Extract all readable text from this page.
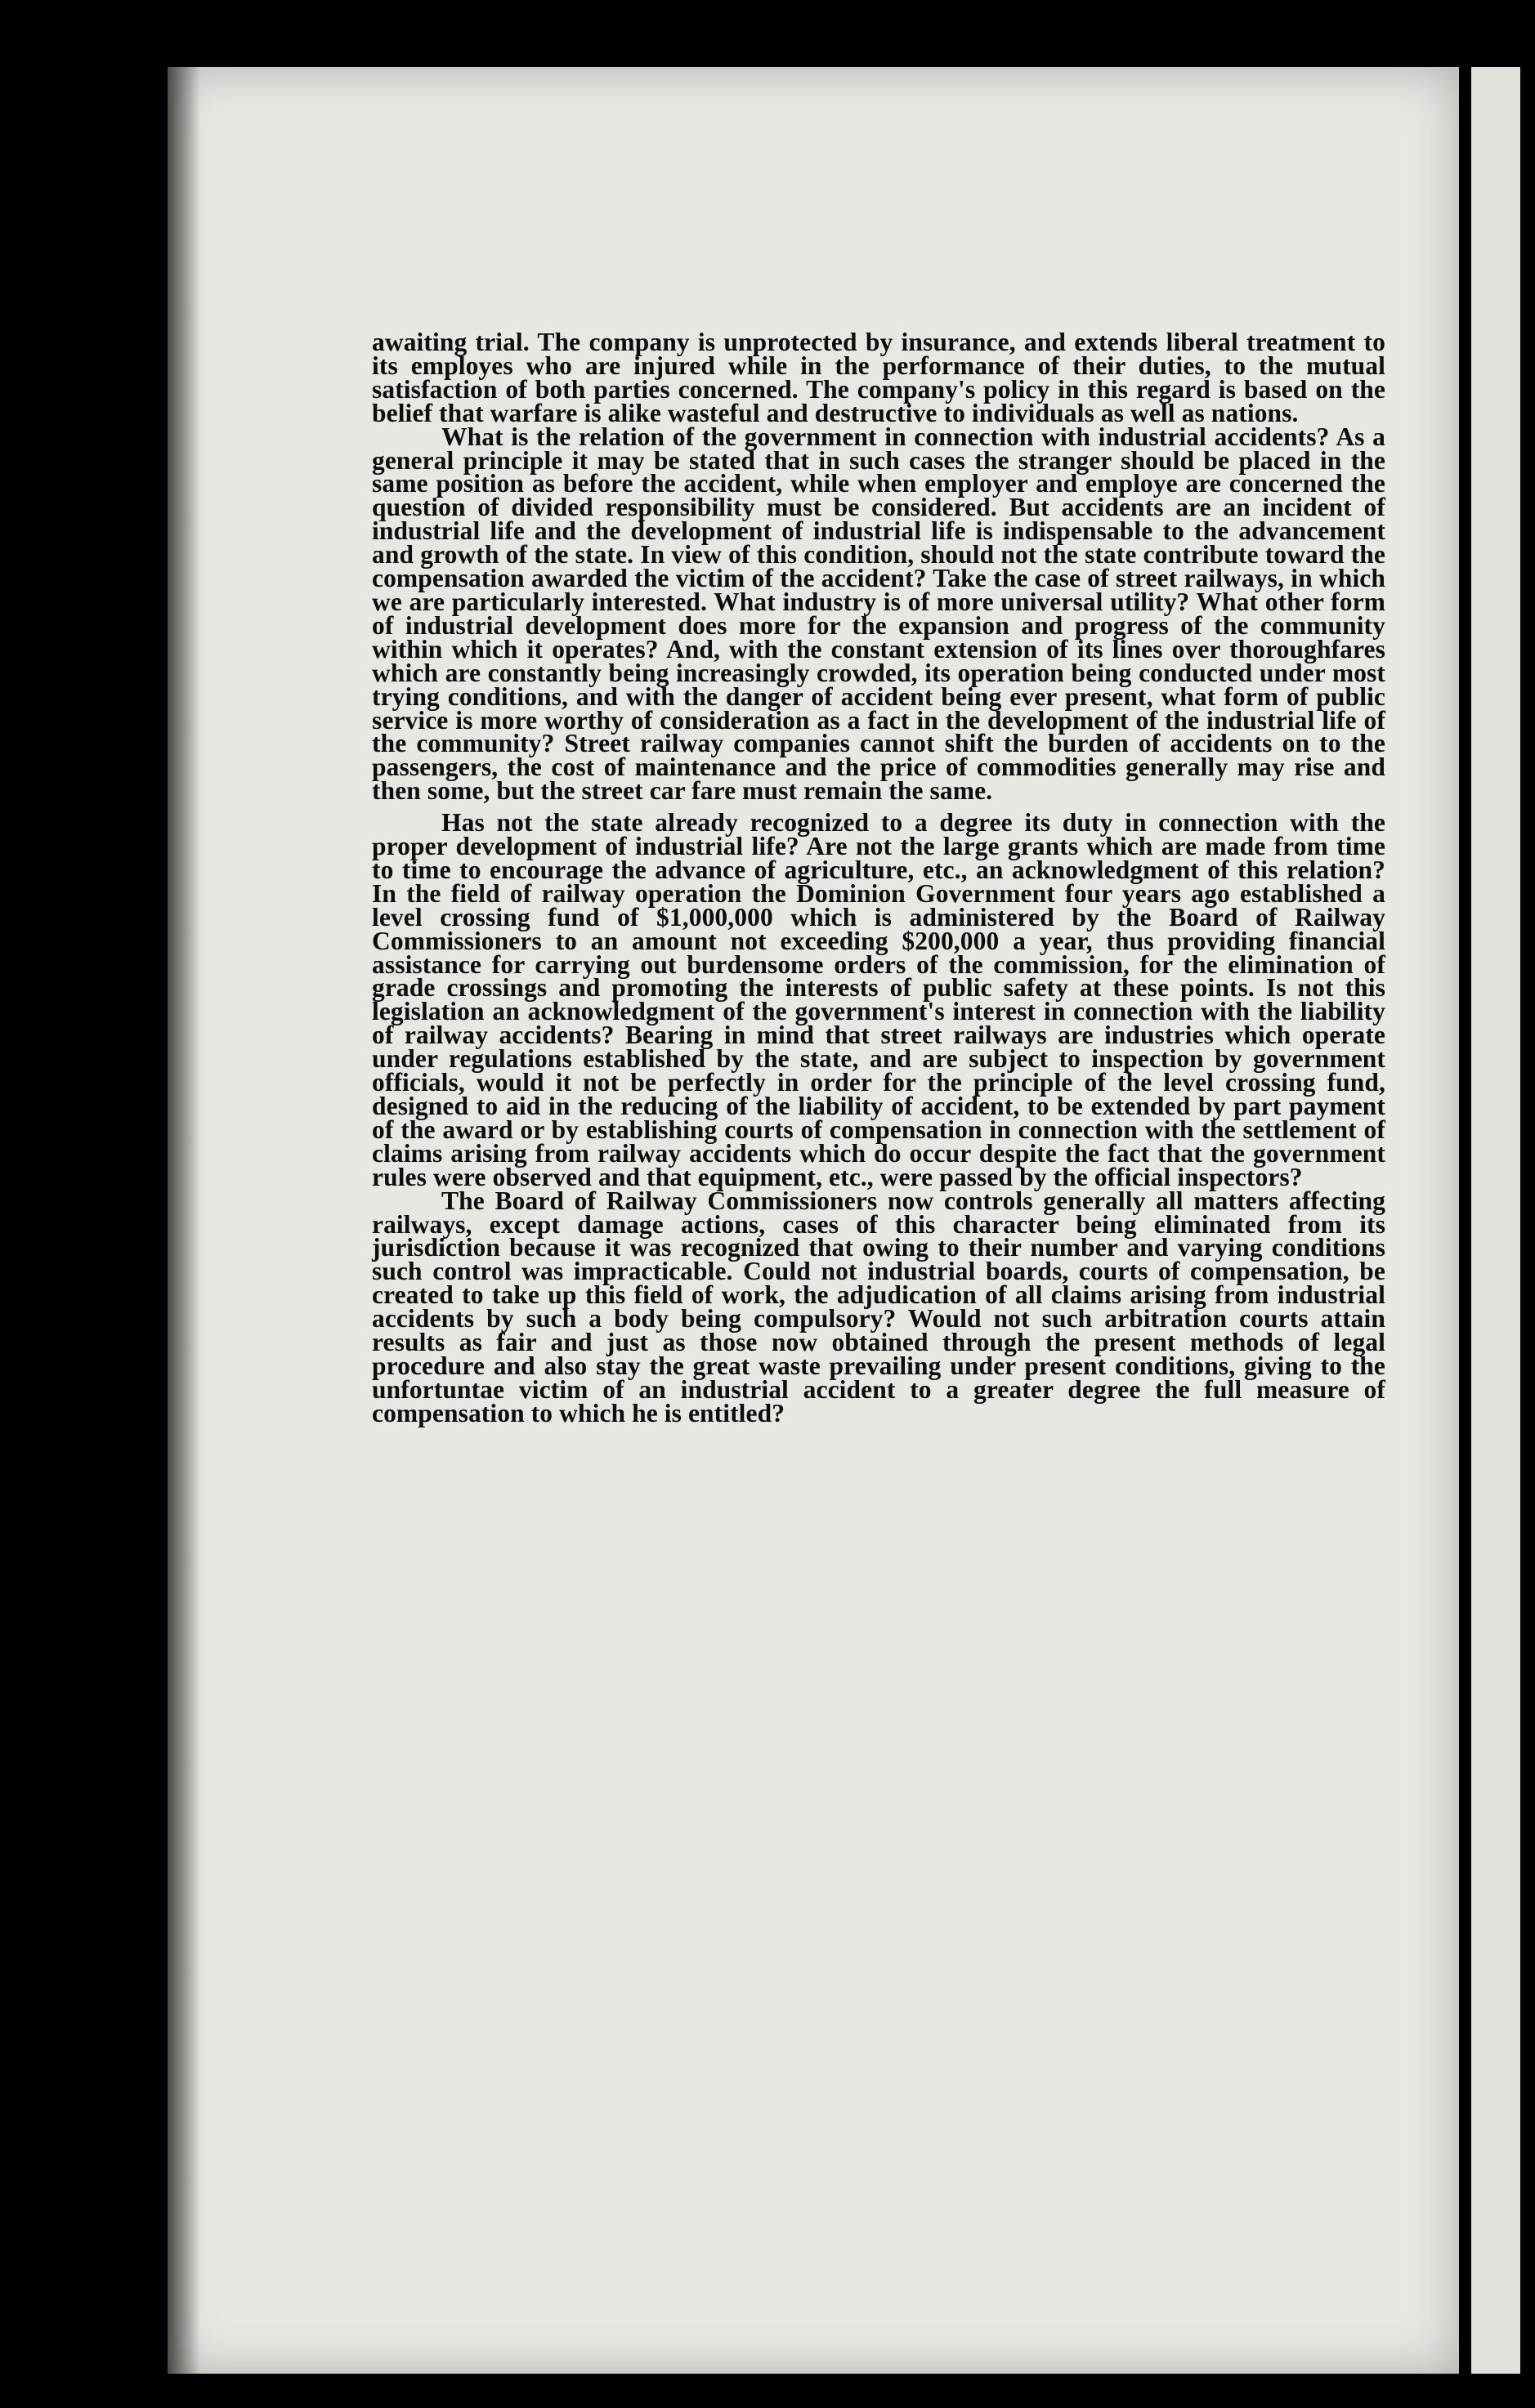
awaiting trial. The company is unprotected by insurance, and extends liberal treatment to its employes who are injured while in the performance of their duties, to the mutual satisfaction of both parties concerned. The company's policy in this regard is based on the belief that warfare is alike wasteful and destructive to individuals as well as nations.

What is the relation of the government in connection with industrial accidents? As a general principle it may be stated that in such cases the stranger should be placed in the same position as before the accident, while when employer and employe are concerned the question of divided responsibility must be considered. But accidents are an incident of industrial life and the development of industrial life is indispensable to the advancement and growth of the state. In view of this condition, should not the state contribute toward the compensation awarded the victim of the accident? Take the case of street railways, in which we are particularly interested. What industry is of more universal utility? What other form of industrial development does more for the expansion and progress of the community within which it operates? And, with the constant extension of its lines over thoroughfares which are constantly being increasingly crowded, its operation being conducted under most trying conditions, and with the danger of accident being ever present, what form of public service is more worthy of consideration as a fact in the development of the industrial life of the community? Street railway companies cannot shift the burden of accidents on to the passengers, the cost of maintenance and the price of commodities generally may rise and then some, but the street car fare must remain the same.

Has not the state already recognized to a degree its duty in connection with the proper development of industrial life? Are not the large grants which are made from time to time to encourage the advance of agriculture, etc., an acknowledgment of this relation? In the field of railway operation the Dominion Government four years ago established a level crossing fund of $1,000,000 which is administered by the Board of Railway Commissioners to an amount not exceeding $200,000 a year, thus providing financial assistance for carrying out burdensome orders of the commission, for the elimination of grade crossings and promoting the interests of public safety at these points. Is not this legislation an acknowledgment of the government's interest in connection with the liability of railway accidents? Bearing in mind that street railways are industries which operate under regulations established by the state, and are subject to inspection by government officials, would it not be perfectly in order for the principle of the level crossing fund, designed to aid in the reducing of the liability of accident, to be extended by part payment of the award or by establishing courts of compensation in connection with the settlement of claims arising from railway accidents which do occur despite the fact that the government rules were observed and that equipment, etc., were passed by the official inspectors?

The Board of Railway Commissioners now controls generally all matters affecting railways, except damage actions, cases of this character being eliminated from its jurisdiction because it was recognized that owing to their number and varying conditions such control was impracticable. Could not industrial boards, courts of compensation, be created to take up this field of work, the adjudication of all claims arising from industrial accidents by such a body being compulsory? Would not such arbitration courts attain results as fair and just as those now obtained through the present methods of legal procedure and also stay the great waste prevailing under present conditions, giving to the unfortuntae victim of an industrial accident to a greater degree the full measure of compensation to which he is entitled?
